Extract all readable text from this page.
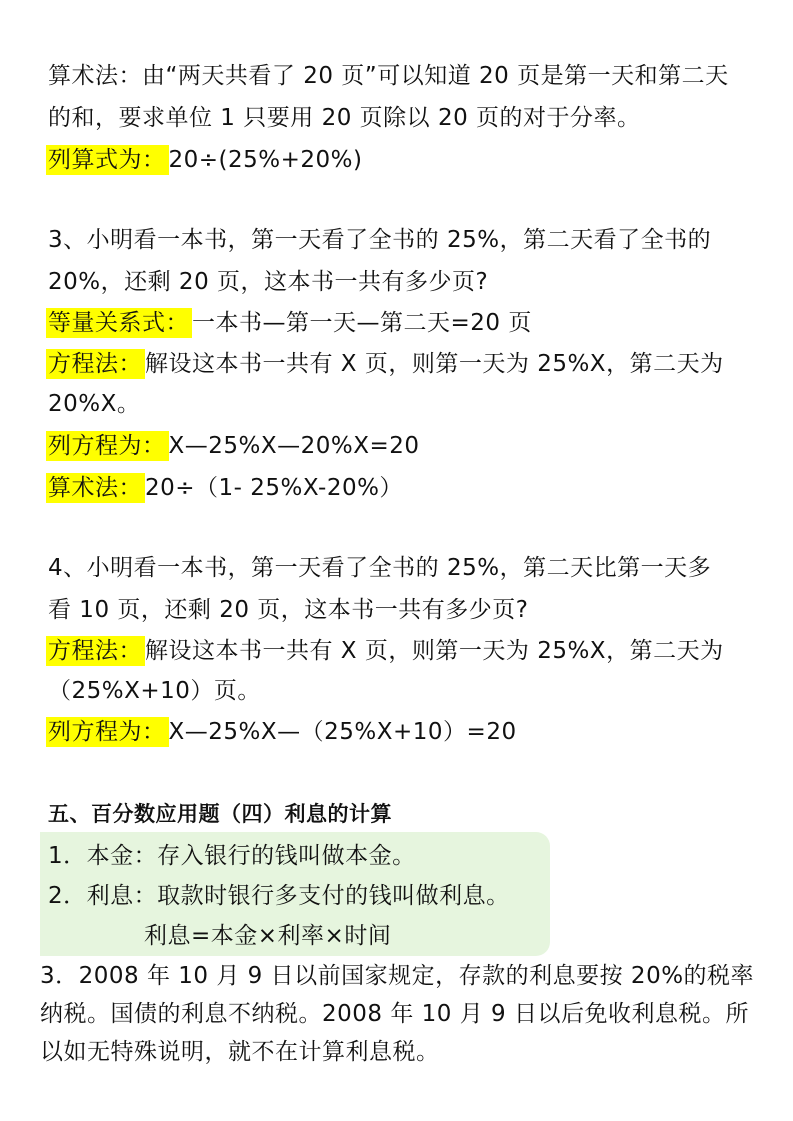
算术法：由“两天共看了 20 页”可以知道 20 页是第一天和第二天
的和，要求单位 1 只要用 20 页除以 20 页的对于分率。
列算式为： 20÷(25%+20%)
3、小明看一本书，第一天看了全书的 25%，第二天看了全书的
20%，还剩 20 页，这本书一共有多少页?
等量关系式： 一本书—第一天—第二天=20 页
方程法： 解设这本书一共有 X 页，则第一天为 25%X，第二天为
20%X。
列方程为： X—25%X—20%X=20
算术法： 20÷（1- 25%X-20%）
4、小明看一本书，第一天看了全书的 25%，第二天比第一天多
看 10 页，还剩 20 页，这本书一共有多少页?
方程法： 解设这本书一共有 X 页，则第一天为 25%X，第二天为
（25%X+10）页。
列方程为： X—25%X—（25%X+10）=20
五、百分数应用题（四）利息的计算
1．本金：存入银行的钱叫做本金。
2．利息：取款时银行多支付的钱叫做利息。
利息=本金×利率×时间
3．2008 年 10 月 9 日以前国家规定，存款的利息要按 20%的税率
纳税。国债的利息不纳税。2008 年 10 月 9 日以后免收利息税。所
以如无特殊说明，就不在计算利息税。
